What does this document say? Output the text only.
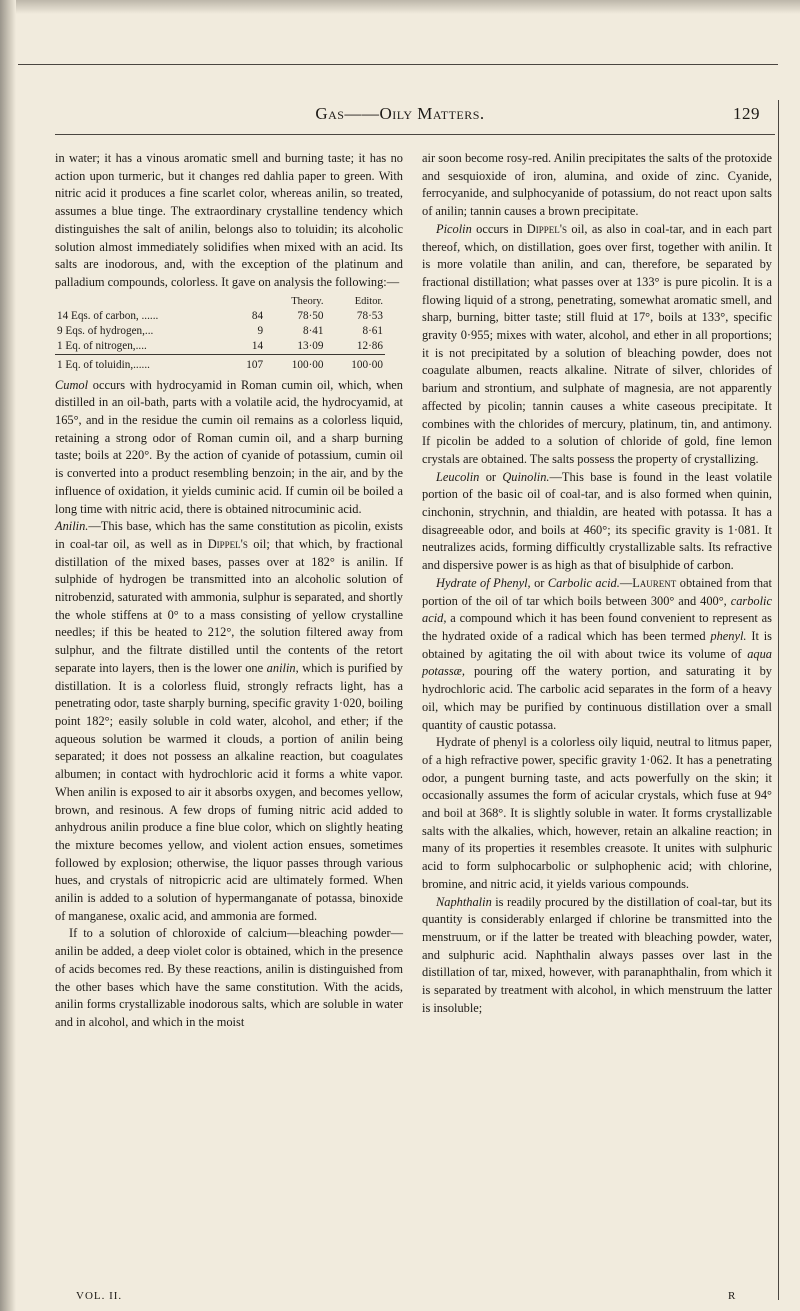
Gas——Oily Matters.	129

in water; it has a vinous aromatic smell and burning taste; it has no action upon turmeric, but it changes red dahlia paper to green. With nitric acid it produces a fine scarlet color, whereas anilin, so treated, assumes a blue tinge. The extraordinary crystalline tendency which distinguishes the salt of anilin, belongs also to toluidin; its alcoholic solution almost immediately solidifies when mixed with an acid. Its salts are inodorous, and, with the exception of the platinum and palladium compounds, colorless. It gave on analysis the following:—

		Theory.	Editor.
14 Eqs. of carbon, ......	84	78·50	78·53
9 Eqs. of hydrogen,...	9	8·41	8·61
1 Eq. of nitrogen,....	14	13·09	12·86
1 Eq. of toluidin,......	107	100·00	100·00

Cumol occurs with hydrocyamid in Roman cumin oil, which, when distilled in an oil-bath, parts with a volatile acid, the hydrocyamid, at 165°, and in the residue the cumin oil remains as a colorless liquid, retaining a strong odor of Roman cumin oil, and a sharp burning taste; boils at 220°. By the action of cyanide of potassium, cumin oil is converted into a product resembling benzoin; in the air, and by the influence of oxidation, it yields cuminic acid. If cumin oil be boiled a long time with nitric acid, there is obtained nitrocuminic acid.

Anilin.—This base, which has the same constitution as picolin, exists in coal-tar oil, as well as in Dippel's oil; that which, by fractional distillation of the mixed bases, passes over at 182° is anilin. If sulphide of hydrogen be transmitted into an alcoholic solution of nitrobenzid, saturated with ammonia, sulphur is separated, and shortly the whole stiffens at 0° to a mass consisting of yellow crystalline needles; if this be heated to 212°, the solution filtered away from sulphur, and the filtrate distilled until the contents of the retort separate into layers, then is the lower one anilin, which is purified by distillation. It is a colorless fluid, strongly refracts light, has a penetrating odor, taste sharply burning, specific gravity 1·020, boiling point 182°; easily soluble in cold water, alcohol, and ether; if the aqueous solution be warmed it clouds, a portion of anilin being separated; it does not possess an alkaline reaction, but coagulates albumen; in contact with hydrochloric acid it forms a white vapor. When anilin is exposed to air it absorbs oxygen, and becomes yellow, brown, and resinous. A few drops of fuming nitric acid added to anhydrous anilin produce a fine blue color, which on slightly heating the mixture becomes yellow, and violent action ensues, sometimes followed by explosion; otherwise, the liquor passes through various hues, and crystals of nitropicric acid are ultimately formed. When anilin is added to a solution of hypermanganate of potassa, binoxide of manganese, oxalic acid, and ammonia are formed.

If to a solution of chloroxide of calcium—bleaching powder—anilin be added, a deep violet color is obtained, which in the presence of acids becomes red. By these reactions, anilin is distinguished from the other bases which have the same constitution. With the acids, anilin forms crystallizable inodorous salts, which are soluble in water and in alcohol, and which in the moist

air soon become rosy-red. Anilin precipitates the salts of the protoxide and sesquioxide of iron, alumina, and oxide of zinc. Cyanide, ferrocyanide, and sulphocyanide of potassium, do not react upon salts of anilin; tannin causes a brown precipitate.

Picolin occurs in Dippel's oil, as also in coal-tar, and in each part thereof, which, on distillation, goes over first, together with anilin. It is more volatile than anilin, and can, therefore, be separated by fractional distillation; what passes over at 133° is pure picolin. It is a flowing liquid of a strong, penetrating, somewhat aromatic smell, and sharp, burning, bitter taste; still fluid at 17°, boils at 133°, specific gravity 0·955; mixes with water, alcohol, and ether in all proportions; it is not precipitated by a solution of bleaching powder, does not coagulate albumen, reacts alkaline. Nitrate of silver, chlorides of barium and strontium, and sulphate of magnesia, are not apparently affected by picolin; tannin causes a white caseous precipitate. It combines with the chlorides of mercury, platinum, tin, and antimony. If picolin be added to a solution of chloride of gold, fine lemon crystals are obtained. The salts possess the property of crystallizing.

Leucolin or Quinolin.—This base is found in the least volatile portion of the basic oil of coal-tar, and is also formed when quinin, cinchonin, strychnin, and thialdin, are heated with potassa. It has a disagreeable odor, and boils at 460°; its specific gravity is 1·081. It neutralizes acids, forming difficultly crystallizable salts. Its refractive and dispersive power is as high as that of bisulphide of carbon.

Hydrate of Phenyl, or Carbolic acid.—Laurent obtained from that portion of the oil of tar which boils between 300° and 400°, carbolic acid, a compound which it has been found convenient to represent as the hydrated oxide of a radical which has been termed phenyl. It is obtained by agitating the oil with about twice its volume of aqua potassæ, pouring off the watery portion, and saturating it by hydrochloric acid. The carbolic acid separates in the form of a heavy oil, which may be purified by continuous distillation over a small quantity of caustic potassa.

Hydrate of phenyl is a colorless oily liquid, neutral to litmus paper, of a high refractive power, specific gravity 1·062. It has a penetrating odor, a pungent burning taste, and acts powerfully on the skin; it occasionally assumes the form of acicular crystals, which fuse at 94° and boil at 368°. It is slightly soluble in water. It forms crystallizable salts with the alkalies, which, however, retain an alkaline reaction; in many of its properties it resembles creasote. It unites with sulphuric acid to form sulphocarbolic or sulphophenic acid; with chlorine, bromine, and nitric acid, it yields various compounds.

Naphthalin is readily procured by the distillation of coal-tar, but its quantity is considerably enlarged if chlorine be transmitted into the menstruum, or if the latter be treated with bleaching powder, water, and sulphuric acid. Naphthalin always passes over last in the distillation of tar, mixed, however, with paranaphthalin, from which it is separated by treatment with alcohol, in which menstruum the latter is insoluble;

VOL. II.	R
